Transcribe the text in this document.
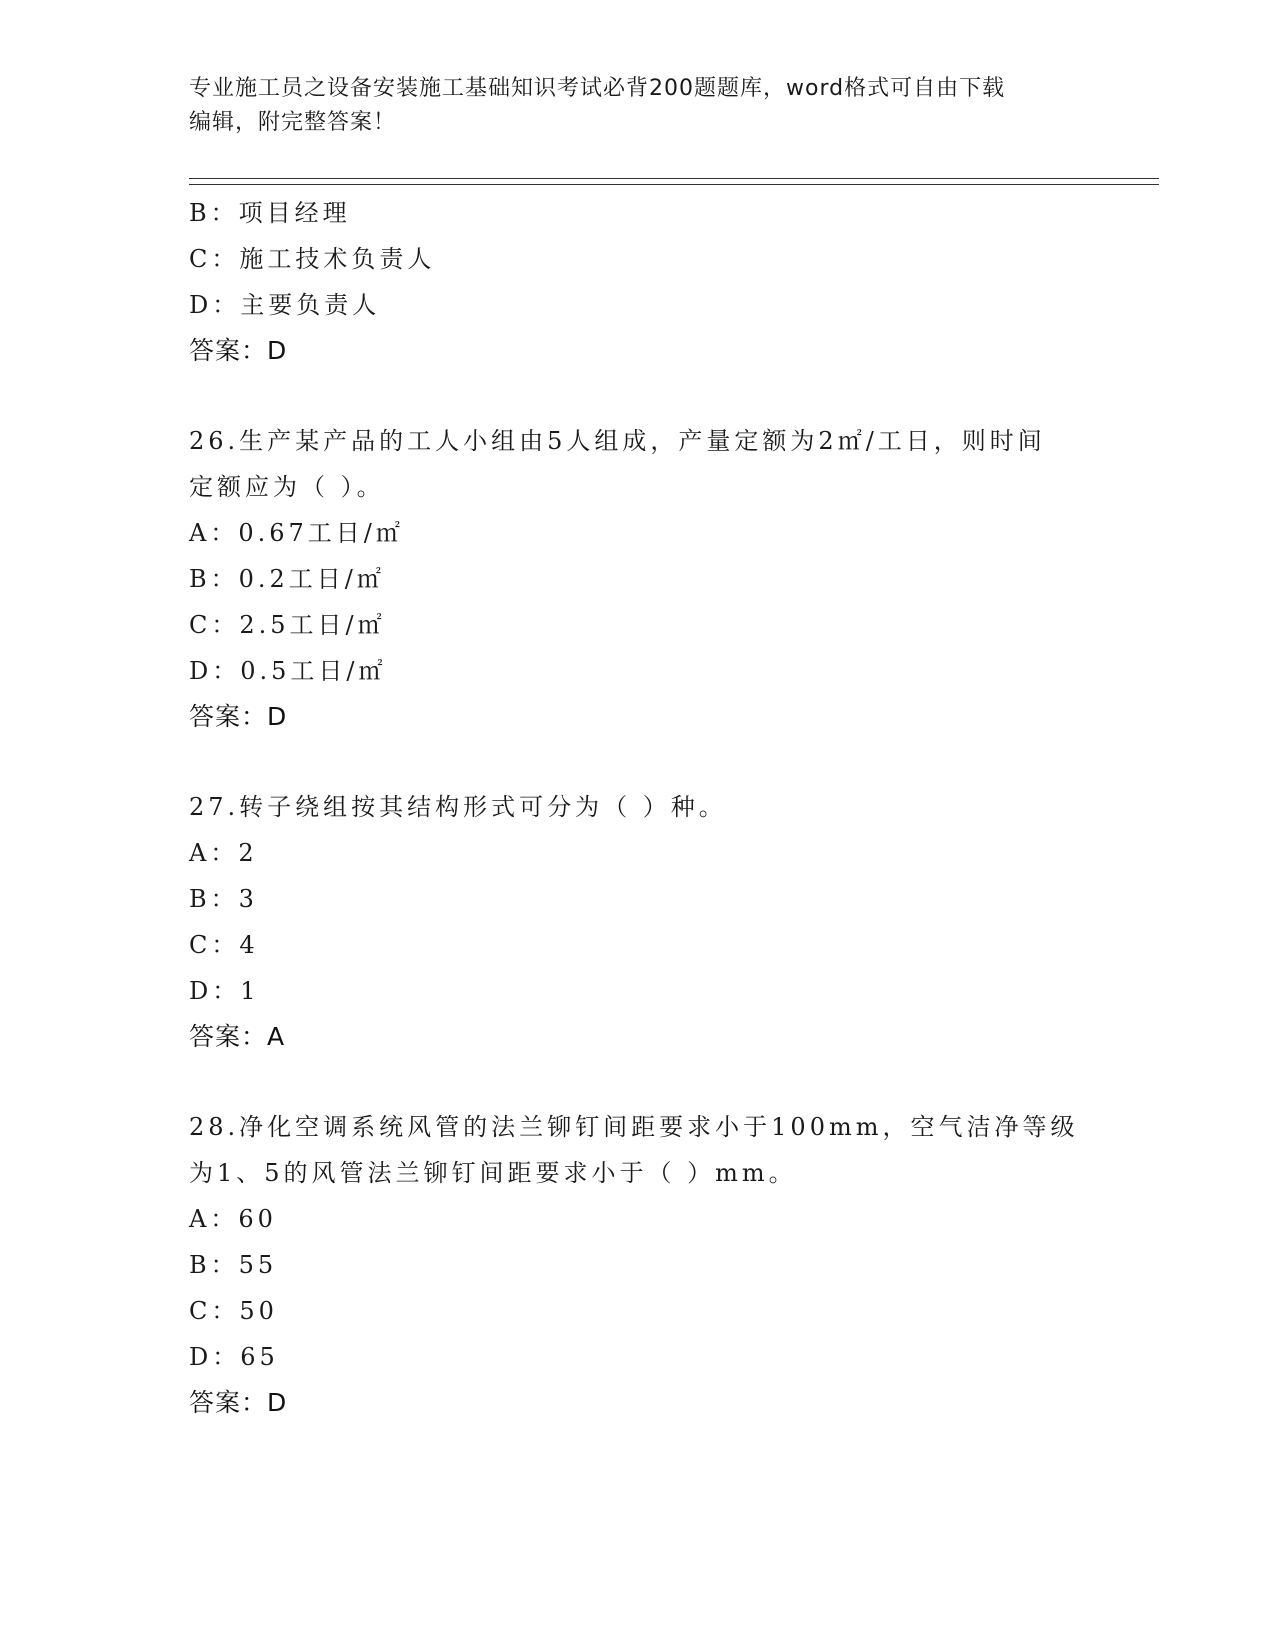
专业施工员之设备安装施工基础知识考试必背200题题库，word格式可自由下载
编辑，附完整答案！
B：项目经理
C：施工技术负责人
D：主要负责人
答案：D
26.生产某产品的工人小组由5人组成，产量定额为2㎡/工日，则时间
定额应为（ ）。
A：0.67工日/㎡
B：0.2工日/㎡
C：2.5工日/㎡
D：0.5工日/㎡
答案：D
27.转子绕组按其结构形式可分为（ ）种。
A：2
B：3
C：4
D：1
答案：A
28.净化空调系统风管的法兰铆钉间距要求小于100mm，空气洁净等级
为1、5的风管法兰铆钉间距要求小于（ ）mm。
A：60
B：55
C：50
D：65
答案：D
